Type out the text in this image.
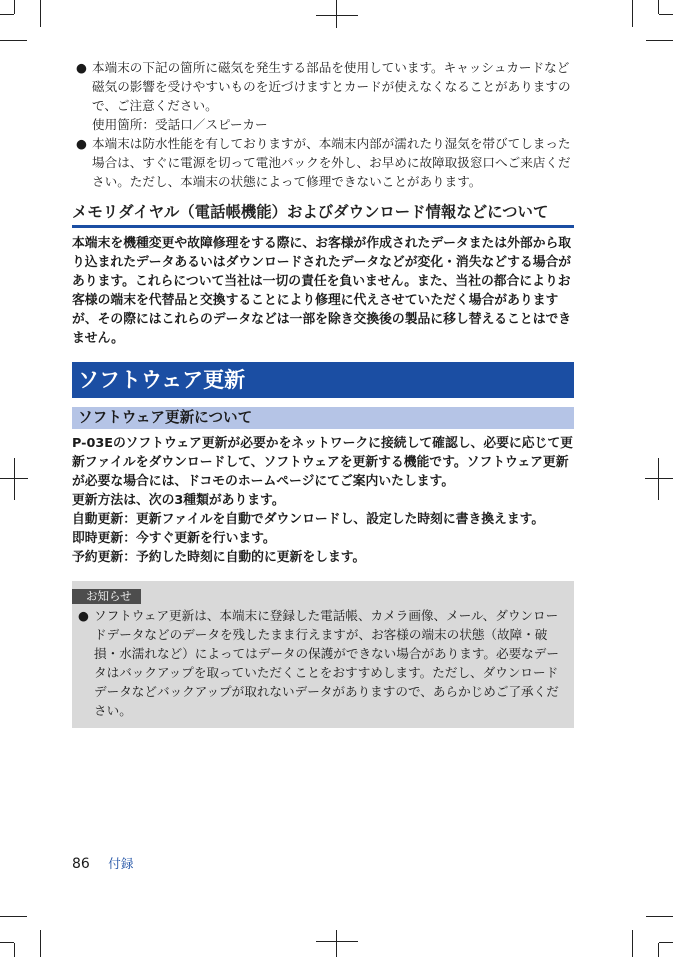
● 本端末の下記の箇所に磁気を発生する部品を使用しています。キャッシュカードなど磁気の影響を受けやすいものを近づけますとカードが使えなくなることがありますので、ご注意ください。
使用箇所：受話口／スピーカー
● 本端末は防水性能を有しておりますが、本端末内部が濡れたり湿気を帯びてしまった場合は、すぐに電源を切って電池パックを外し、お早めに故障取扱窓口へご来店ください。ただし、本端末の状態によって修理できないことがあります。
メモリダイヤル（電話帳機能）およびダウンロード情報などについて

本端末を機種変更や故障修理をする際に、お客様が作成されたデータまたは外部から取り込まれたデータあるいはダウンロードされたデータなどが変化・消失などする場合があります。これらについて当社は一切の責任を負いません。また、当社の都合によりお客様の端末を代替品と交換することにより修理に代えさせていただく場合がありますが、その際にはこれらのデータなどは一部を除き交換後の製品に移し替えることはできません。

ソフトウェア更新
ソフトウェア更新について

P-03Eのソフトウェア更新が必要かをネットワークに接続して確認し、必要に応じて更新ファイルをダウンロードして、ソフトウェアを更新する機能です。ソフトウェア更新が必要な場合には、ドコモのホームページにてご案内いたします。

更新方法は、次の3種類があります。

自動更新：更新ファイルを自動でダウンロードし、設定した時刻に書き換えます。

即時更新：今すぐ更新を行います。

予約更新：予約した時刻に自動的に更新をします。

お知らせ
● ソフトウェア更新は、本端末に登録した電話帳、カメラ画像、メール、ダウンロードデータなどのデータを残したまま行えますが、お客様の端末の状態（故障・破損・水濡れなど）によってはデータの保護ができない場合があります。必要なデータはバックアップを取っていただくことをおすすめします。ただし、ダウンロードデータなどバックアップが取れないデータがありますので、あらかじめご了承ください。
86 付録
